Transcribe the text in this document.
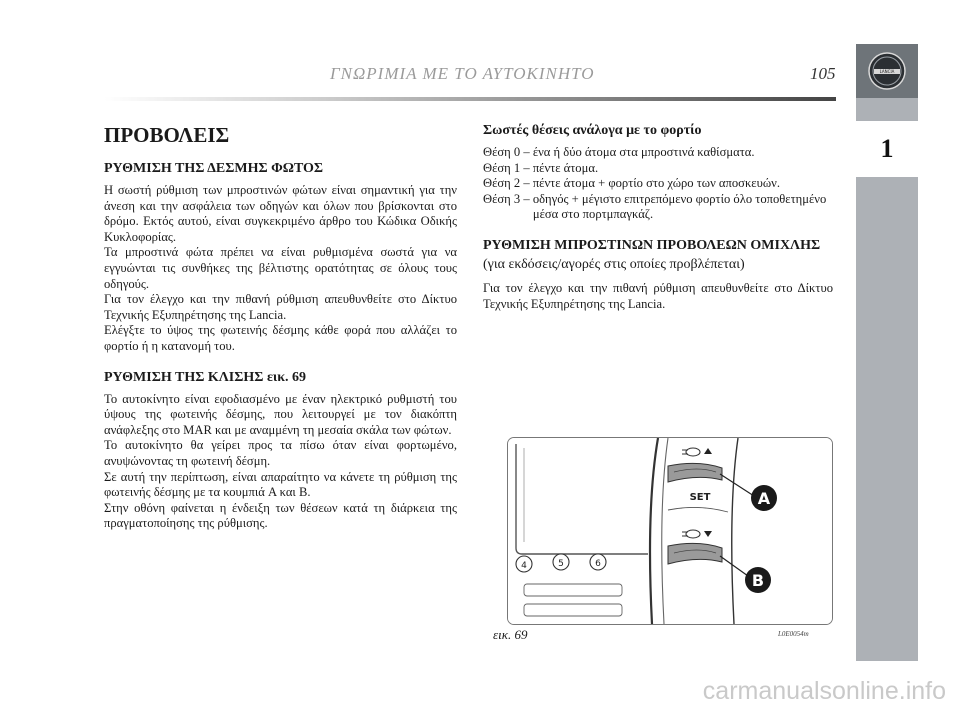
ΓΝΩΡΙΜΙΑ ΜΕ ΤΟ ΑΥΤΟΚΙΝΗΤΟ	105	LANCIA
1
ΠΡΟΒΟΛΕΙΣ
ΡΥΘΜΙΣΗ ΤΗΣ ΔΕΣΜΗΣ ΦΩΤΟΣ

Η σωστή ρύθμιση των μπροστινών φώτων είναι σημαντική για την άνεση και την ασφάλεια των οδηγών και όλων που βρίσκονται στο δρόμο. Εκτός αυτού, είναι συγκεκριμένο άρθρο του Κώδικα Οδικής Κυκλοφορίας.

Τα μπροστινά φώτα πρέπει να είναι ρυθμισμένα σωστά για να εγγυώνται τις συνθήκες της βέλτιστης ορατότητας σε όλους τους οδηγούς.

Για τον έλεγχο και την πιθανή ρύθμιση απευθυνθείτε στο Δίκτυο Τεχνικής Εξυπηρέτησης της Lancia.

Ελέγξτε το ύψος της φωτεινής δέσμης κάθε φορά που αλλάζει το φορτίο ή η κατανομή του.

ΡΥΘΜΙΣΗ ΤΗΣ ΚΛΙΣΗΣ εικ. 69

Το αυτοκίνητο είναι εφοδιασμένο με έναν ηλεκτρικό ρυθμιστή του ύψους της φωτεινής δέσμης, που λειτουργεί με τον διακόπτη ανάφλεξης στο MAR και με αναμμένη τη μεσαία σκάλα των φώτων.

Το αυτοκίνητο θα γείρει προς τα πίσω όταν είναι φορτωμένο, ανυψώνοντας τη φωτεινή δέσμη.

Σε αυτή την περίπτωση, είναι απαραίτητο να κάνετε τη ρύθμιση της φωτεινής δέσμης με τα κουμπιά A και B.

Στην οθόνη φαίνεται η ένδειξη των θέσεων κατά τη διάρκεια της πραγματοποίησης της ρύθμισης.

Σωστές θέσεις ανάλογα με το φορτίο
Θέση 0 – ένα ή δύο άτομα στα μπροστινά καθίσματα.
Θέση 1 – πέντε άτομα.
Θέση 2 – πέντε άτομα + φορτίο στο χώρο των αποσκευών.
Θέση 3 – οδηγός + μέγιστο επιτρεπόμενο φορτίο όλο τοποθετημένο μέσα στο πορτμπαγκάζ.
ΡΥΘΜΙΣΗ ΜΠΡΟΣΤΙΝΩΝ ΠΡΟΒΟΛΕΩΝ ΟΜΙΧΛΗΣ
(για εκδόσεις/αγορές στις οποίες προβλέπεται)

Για τον έλεγχο και την πιθανή ρύθμιση απευθυνθείτε στο Δίκτυο Τεχνικής Εξυπηρέτησης της Lancia.

SET
4	5	6
A
B
εικ. 69	L0E0054m
carmanualsonline.info
